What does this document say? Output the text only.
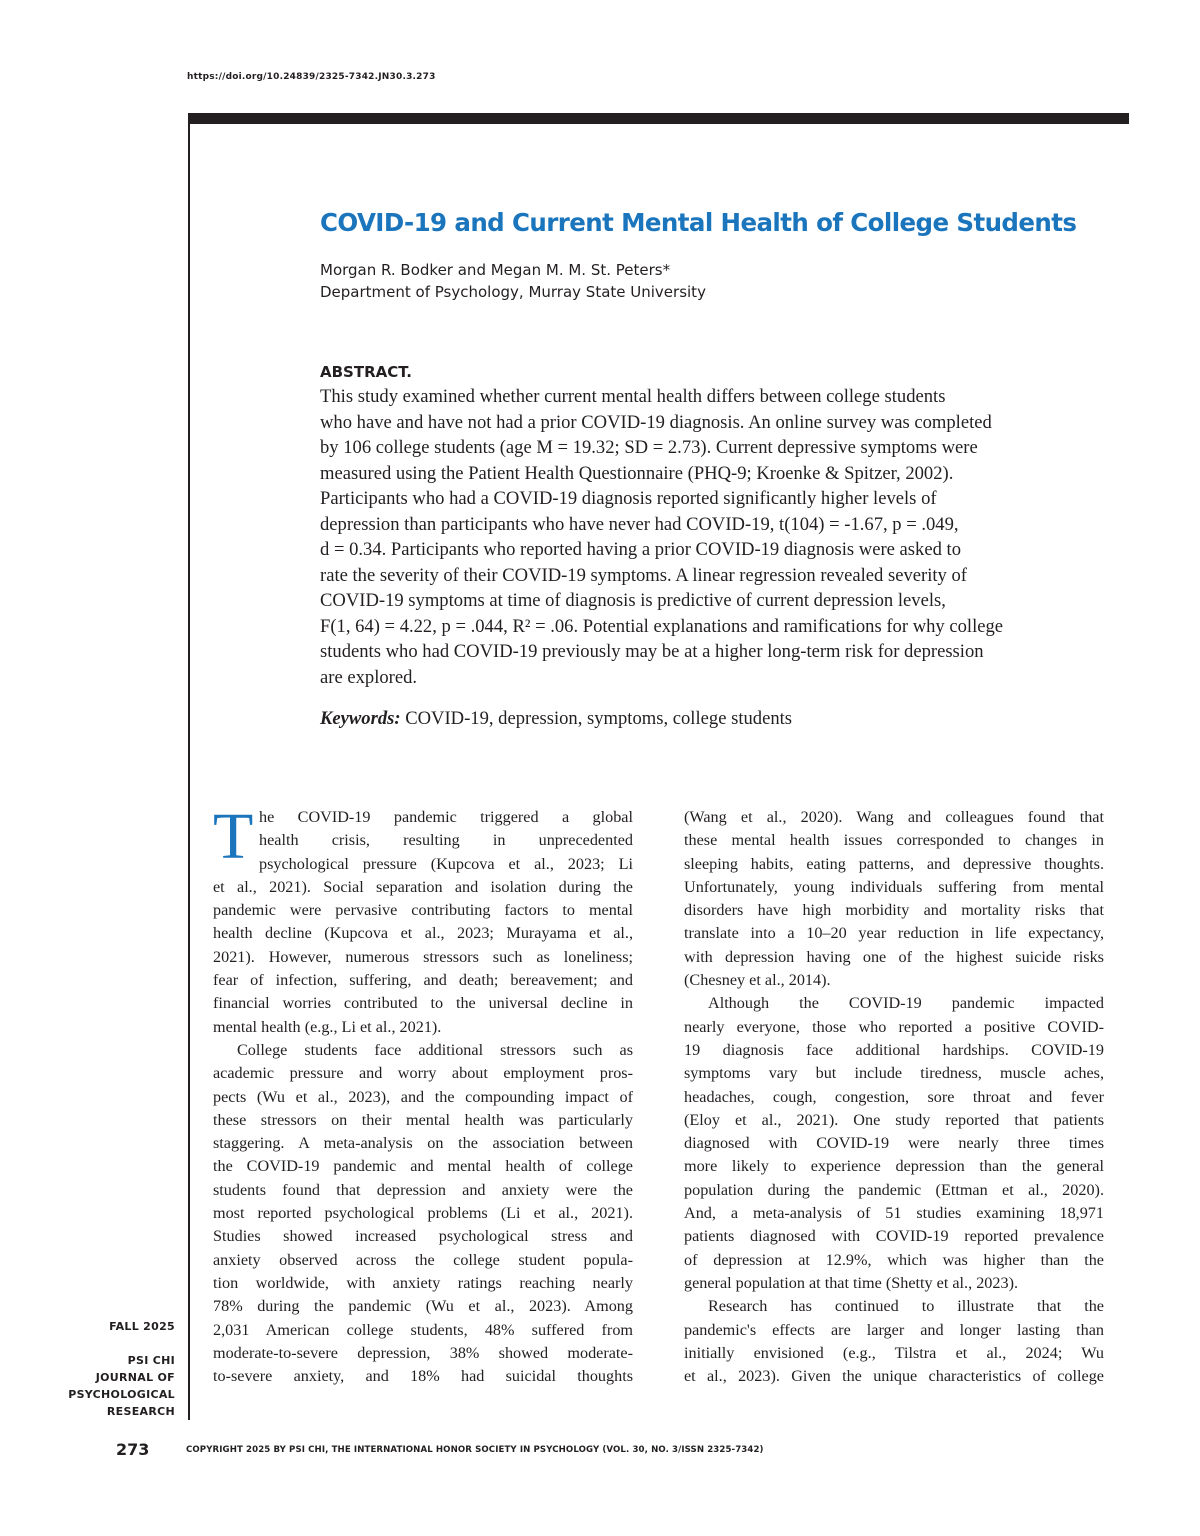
https://doi.org/10.24839/2325-7342.JN30.3.273
COVID-19 and Current Mental Health of College Students
Morgan R. Bodker and Megan M. M. St. Peters*
Department of Psychology, Murray State University
ABSTRACT.
This study examined whether current mental health differs between college students
who have and have not had a prior COVID-19 diagnosis. An online survey was completed
by 106 college students (age M = 19.32; SD = 2.73). Current depressive symptoms were
measured using the Patient Health Questionnaire (PHQ-9; Kroenke & Spitzer, 2002).
Participants who had a COVID-19 diagnosis reported significantly higher levels of
depression than participants who have never had COVID-19, t(104) = -1.67, p = .049,
d = 0.34. Participants who reported having a prior COVID-19 diagnosis were asked to
rate the severity of their COVID-19 symptoms. A linear regression revealed severity of
COVID-19 symptoms at time of diagnosis is predictive of current depression levels,
F(1, 64) = 4.22, p = .044, R² = .06. Potential explanations and ramifications for why college
students who had COVID-19 previously may be at a higher long-term risk for depression
are explored.
Keywords: COVID-19, depression, symptoms, college students
T he COVID-19 pandemic triggered a global
health crisis, resulting in unprecedented
psychological pressure (Kupcova et al., 2023; Li
et al., 2021). Social separation and isolation during the
pandemic were pervasive contributing factors to mental
health decline (Kupcova et al., 2023; Murayama et al.,
2021). However, numerous stressors such as loneliness;
fear of infection, suffering, and death; bereavement; and
financial worries contributed to the universal decline in
mental health (e.g., Li et al., 2021).
College students face additional stressors such as
academic pressure and worry about employment pros-
pects (Wu et al., 2023), and the compounding impact of
these stressors on their mental health was particularly
staggering. A meta-analysis on the association between
the COVID-19 pandemic and mental health of college
students found that depression and anxiety were the
most reported psychological problems (Li et al., 2021).
Studies showed increased psychological stress and
anxiety observed across the college student popula-
tion worldwide, with anxiety ratings reaching nearly
78% during the pandemic (Wu et al., 2023). Among
2,031 American college students, 48% suffered from
moderate-to-severe depression, 38% showed moderate-
to-severe anxiety, and 18% had suicidal thoughts
(Wang et al., 2020). Wang and colleagues found that
these mental health issues corresponded to changes in
sleeping habits, eating patterns, and depressive thoughts.
Unfortunately, young individuals suffering from mental
disorders have high morbidity and mortality risks that
translate into a 10–20 year reduction in life expectancy,
with depression having one of the highest suicide risks
(Chesney et al., 2014).
Although the COVID-19 pandemic impacted
nearly everyone, those who reported a positive COVID-
19 diagnosis face additional hardships. COVID-19
symptoms vary but include tiredness, muscle aches,
headaches, cough, congestion, sore throat and fever
(Eloy et al., 2021). One study reported that patients
diagnosed with COVID-19 were nearly three times
more likely to experience depression than the general
population during the pandemic (Ettman et al., 2020).
And, a meta-analysis of 51 studies examining 18,971
patients diagnosed with COVID-19 reported prevalence
of depression at 12.9%, which was higher than the
general population at that time (Shetty et al., 2023).
Research has continued to illustrate that the
pandemic's effects are larger and longer lasting than
initially envisioned (e.g., Tilstra et al., 2024; Wu
et al., 2023). Given the unique characteristics of college
FALL 2025
PSI CHI
JOURNAL OF
PSYCHOLOGICAL
RESEARCH
273	COPYRIGHT 2025 BY PSI CHI, THE INTERNATIONAL HONOR SOCIETY IN PSYCHOLOGY (VOL. 30, NO. 3/ISSN 2325-7342)
